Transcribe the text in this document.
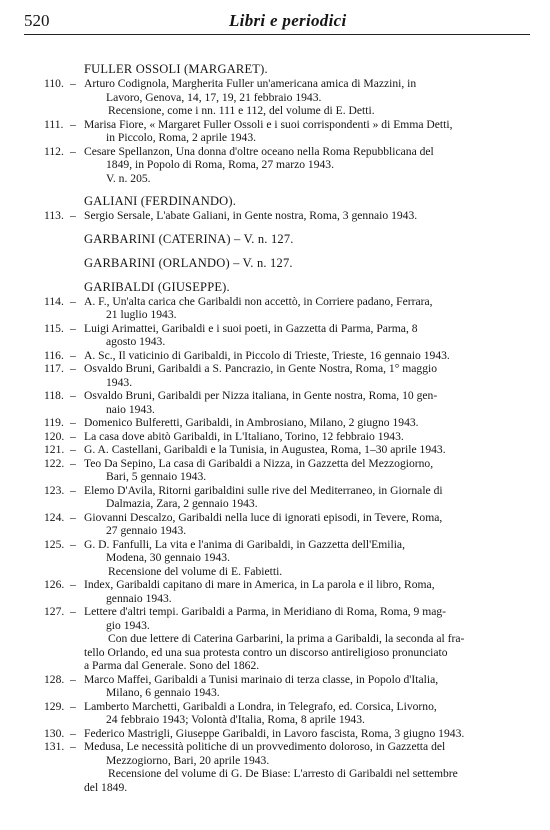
520	Libri e periodici
FULLER OSSOLI (MARGARET).
110. – Arturo Codignola, Margherita Fuller un'americana amica di Mazzini, in
Lavoro, Genova, 14, 17, 19, 21 febbraio 1943.
Recensione, come i nn. 111 e 112, del volume di E. Detti.
111. – Marisa Fiore, « Margaret Fuller Ossoli e i suoi corrispondenti » di Emma Detti,
in Piccolo, Roma, 2 aprile 1943.
112. – Cesare Spellanzon, Una donna d'oltre oceano nella Roma Repubblicana del
1849, in Popolo di Roma, Roma, 27 marzo 1943.
V. n. 205.
GALIANI (FERDINANDO).
113. – Sergio Sersale, L'abate Galiani, in Gente nostra, Roma, 3 gennaio 1943.
GARBARINI (CATERINA) – V. n. 127.
GARBARINI (ORLANDO) – V. n. 127.
GARIBALDI (GIUSEPPE).
114. – A. F., Un'alta carica che Garibaldi non accettò, in Corriere padano, Ferrara,
21 luglio 1943.
115. – Luigi Arimattei, Garibaldi e i suoi poeti, in Gazzetta di Parma, Parma, 8
agosto 1943.
116. – A. Sc., Il vaticinio di Garibaldi, in Piccolo di Trieste, Trieste, 16 gennaio 1943.
117. – Osvaldo Bruni, Garibaldi a S. Pancrazio, in Gente Nostra, Roma, 1° maggio
1943.
118. – Osvaldo Bruni, Garibaldi per Nizza italiana, in Gente nostra, Roma, 10 gen-
naio 1943.
119. – Domenico Bulferetti, Garibaldi, in Ambrosiano, Milano, 2 giugno 1943.
120. – La casa dove abitò Garibaldi, in L'Italiano, Torino, 12 febbraio 1943.
121. – G. A. Castellani, Garibaldi e la Tunisia, in Augustea, Roma, 1–30 aprile 1943.
122. – Teo Da Sepino, La casa di Garibaldi a Nizza, in Gazzetta del Mezzogiorno,
Bari, 5 gennaio 1943.
123. – Elemo D'Avila, Ritorni garibaldini sulle rive del Mediterraneo, in Giornale di
Dalmazia, Zara, 2 gennaio 1943.
124. – Giovanni Descalzo, Garibaldi nella luce di ignorati episodi, in Tevere, Roma,
27 gennaio 1943.
125. – G. D. Fanfulli, La vita e l'anima di Garibaldi, in Gazzetta dell'Emilia,
Modena, 30 gennaio 1943.
Recensione del volume di E. Fabietti.
126. – Index, Garibaldi capitano di mare in America, in La parola e il libro, Roma,
gennaio 1943.
127. – Lettere d'altri tempi. Garibaldi a Parma, in Meridiano di Roma, Roma, 9 mag-
gio 1943.
Con due lettere di Caterina Garbarini, la prima a Garibaldi, la seconda al fra-
tello Orlando, ed una sua protesta contro un discorso antireligioso pronunciato
a Parma dal Generale. Sono del 1862.
128. – Marco Maffei, Garibaldi a Tunisi marinaio di terza classe, in Popolo d'Italia,
Milano, 6 gennaio 1943.
129. – Lamberto Marchetti, Garibaldi a Londra, in Telegrafo, ed. Corsica, Livorno,
24 febbraio 1943; Volontà d'Italia, Roma, 8 aprile 1943.
130. – Federico Mastrigli, Giuseppe Garibaldi, in Lavoro fascista, Roma, 3 giugno 1943.
131. – Medusa, Le necessità politiche di un provvedimento doloroso, in Gazzetta del
Mezzogiorno, Bari, 20 aprile 1943.
Recensione del volume di G. De Biase: L'arresto di Garibaldi nel settembre
del 1849.
